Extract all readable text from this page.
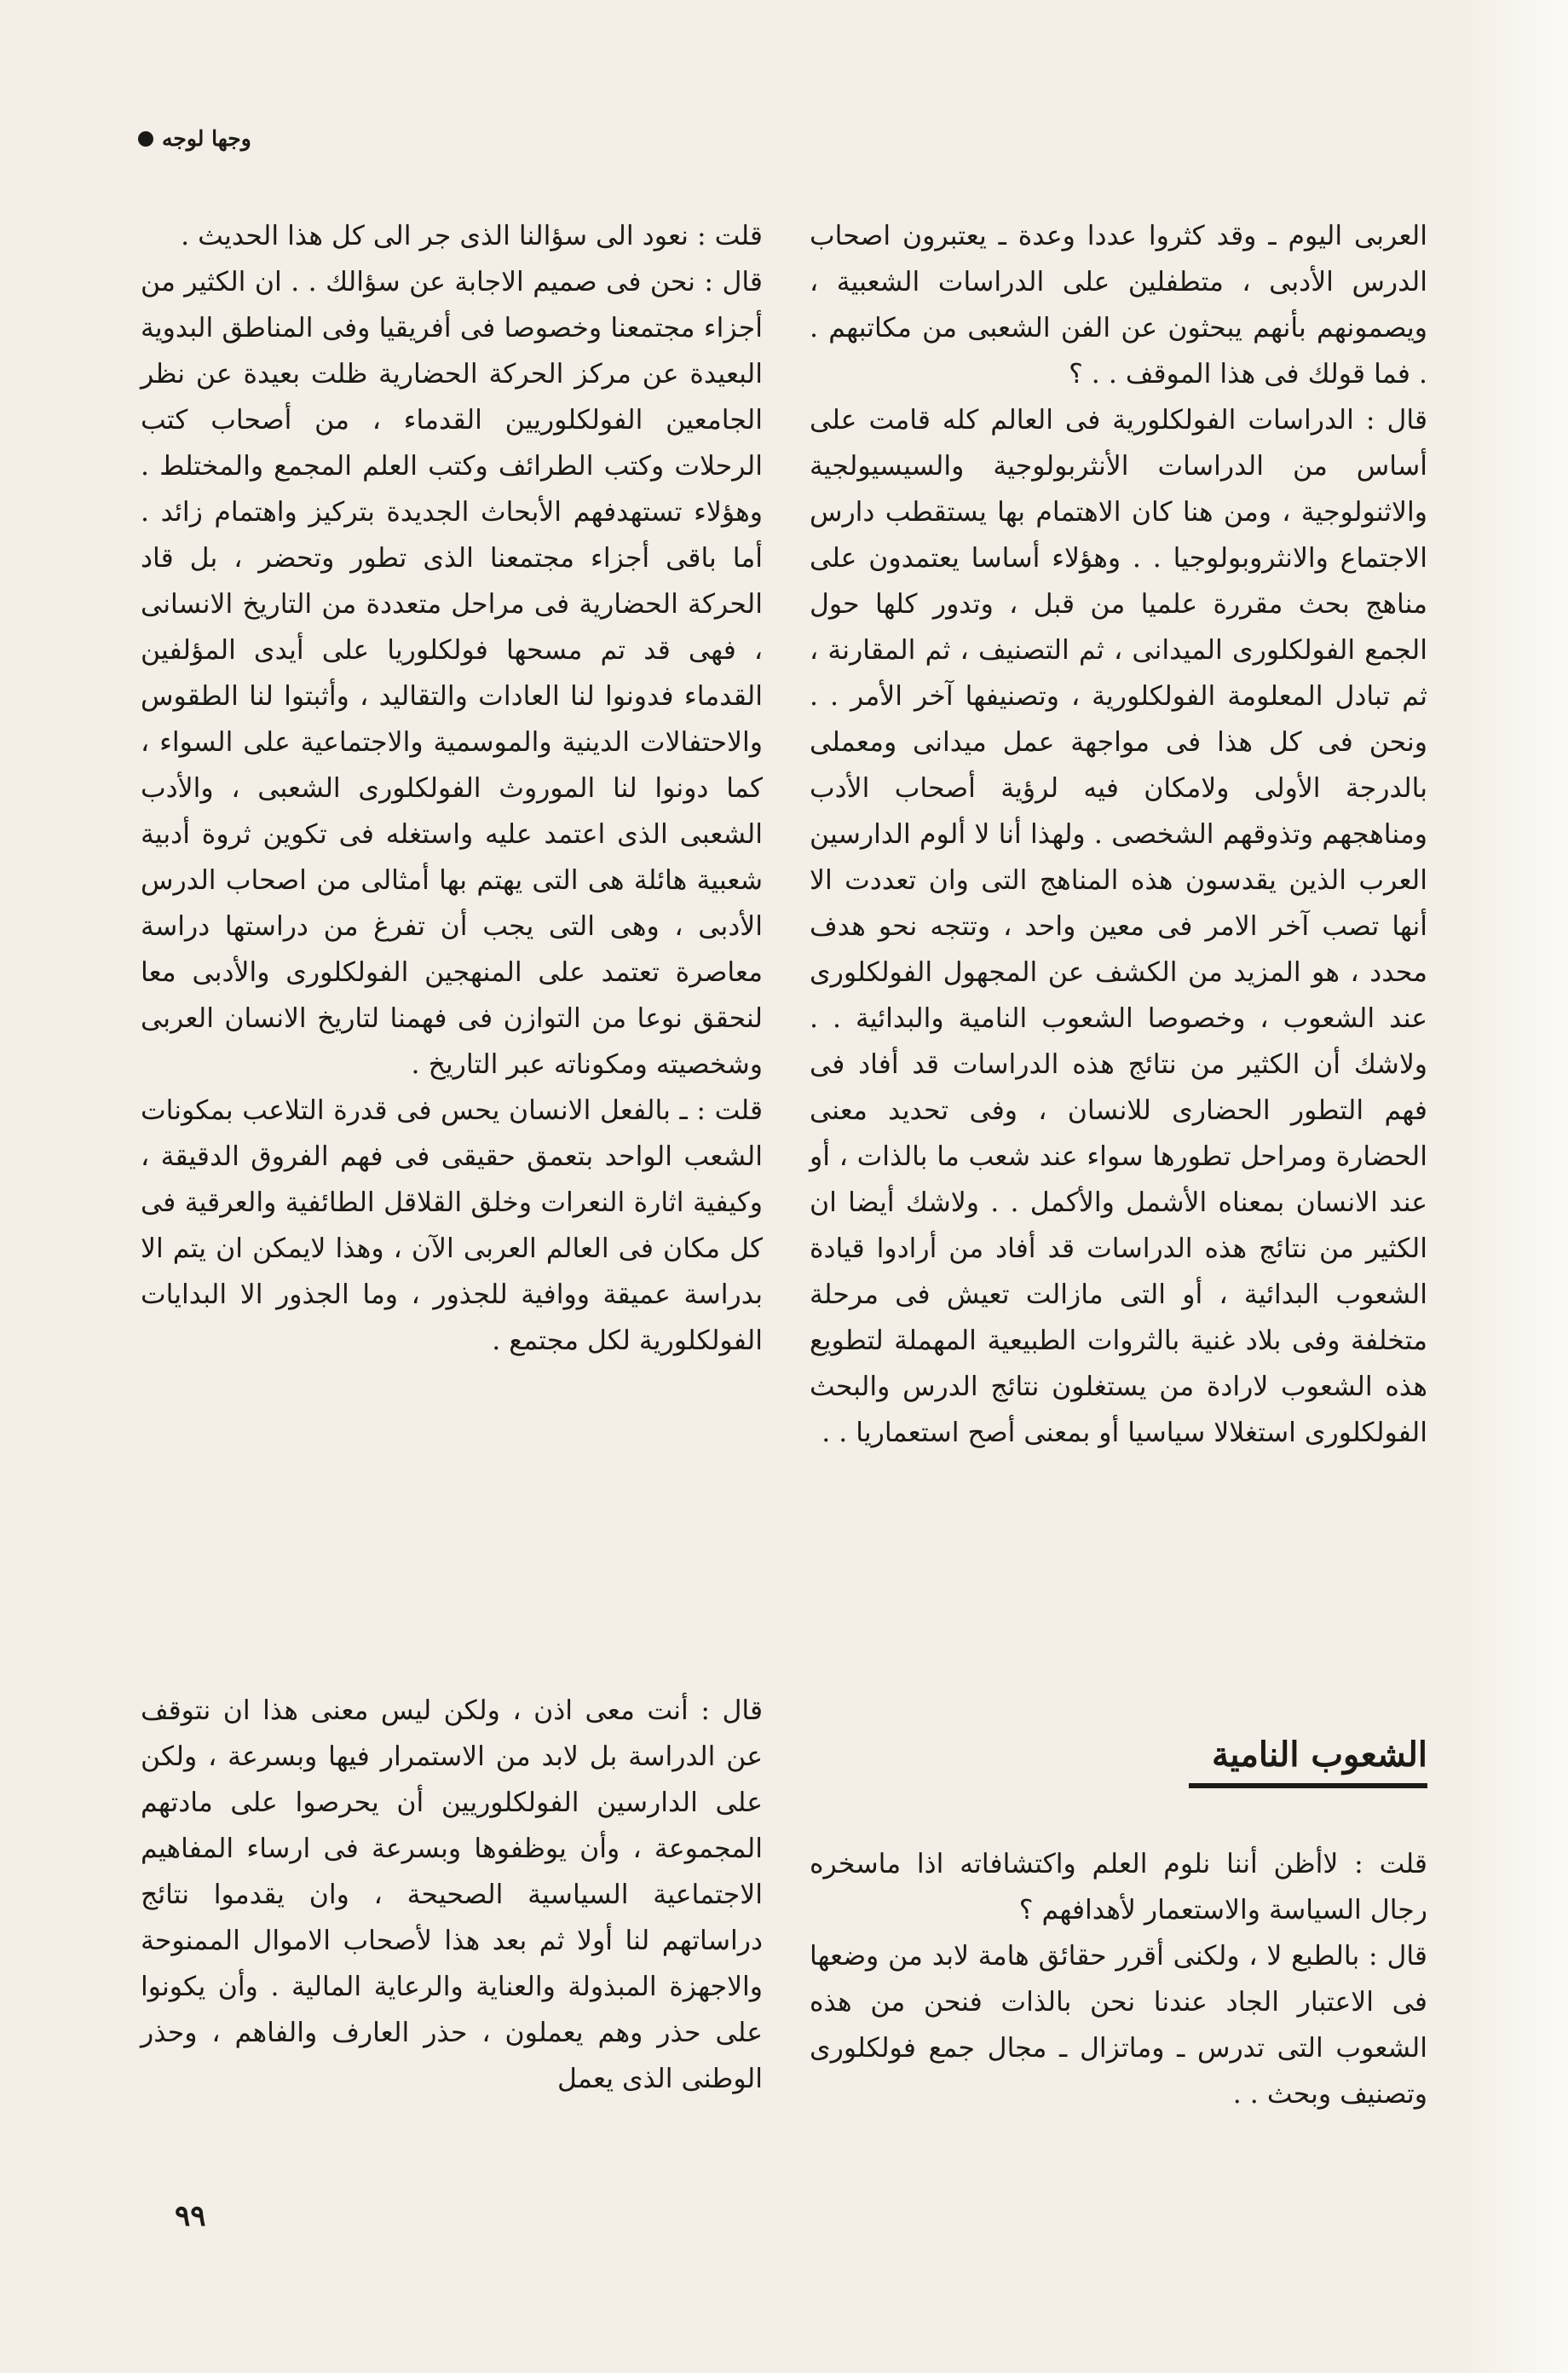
وجها لوجه

العربى اليوم ـ وقد كثروا عددا وعدة ـ يعتبرون اصحاب الدرس الأدبى ، متطفلين على الدراسات الشعبية ، ويصمونهم بأنهم يبحثون عن الفن الشعبى من مكاتبهم . . فما قولك فى هذا الموقف . . ؟

قال : الدراسات الفولكلورية فى العالم كله قامت على أساس من الدراسات الأنثربولوجية والسيسيولجية والاثنولوجية ، ومن هنا كان الاهتمام بها يستقطب دارس الاجتماع والانثروبولوجيا . . وهؤلاء أساسا يعتمدون على مناهج بحث مقررة علميا من قبل ، وتدور كلها حول الجمع الفولكلورى الميدانى ، ثم التصنيف ، ثم المقارنة ، ثم تبادل المعلومة الفولكلورية ، وتصنيفها آخر الأمر . . ونحن فى كل هذا فى مواجهة عمل ميدانى ومعملى بالدرجة الأولى ولامكان فيه لرؤية أصحاب الأدب ومناهجهم وتذوقهم الشخصى . ولهذا أنا لا ألوم الدارسين العرب الذين يقدسون هذه المناهج التى وان تعددت الا أنها تصب آخر الامر فى معين واحد ، وتتجه نحو هدف محدد ، هو المزيد من الكشف عن المجهول الفولكلورى عند الشعوب ، وخصوصا الشعوب النامية والبدائية . . ولاشك أن الكثير من نتائج هذه الدراسات قد أفاد فى فهم التطور الحضارى للانسان ، وفى تحديد معنى الحضارة ومراحل تطورها سواء عند شعب ما بالذات ، أو عند الانسان بمعناه الأشمل والأكمل . . ولاشك أيضا ان الكثير من نتائج هذه الدراسات قد أفاد من أرادوا قيادة الشعوب البدائية ، أو التى مازالت تعيش فى مرحلة متخلفة وفى بلاد غنية بالثروات الطبيعية المهملة لتطويع هذه الشعوب لارادة من يستغلون نتائج الدرس والبحث الفولكلورى استغلالا سياسيا أو بمعنى أصح استعماريا . .

الشعوب النامية

قلت : لاأظن أننا نلوم العلم واكتشافاته اذا ماسخره رجال السياسة والاستعمار لأهدافهم ؟

قال : بالطبع لا ، ولكنى أقرر حقائق هامة لابد من وضعها فى الاعتبار الجاد عندنا نحن بالذات فنحن من هذه الشعوب التى تدرس ـ وماتزال ـ مجال جمع فولكلورى وتصنيف وبحث . .

قلت : نعود الى سؤالنا الذى جر الى كل هذا الحديث .

قال : نحن فى صميم الاجابة عن سؤالك . . ان الكثير من أجزاء مجتمعنا وخصوصا فى أفريقيا وفى المناطق البدوية البعيدة عن مركز الحركة الحضارية ظلت بعيدة عن نظر الجامعين الفولكلوريين القدماء ، من أصحاب كتب الرحلات وكتب الطرائف وكتب العلم المجمع والمختلط . وهؤلاء تستهدفهم الأبحاث الجديدة بتركيز واهتمام زائد . أما باقى أجزاء مجتمعنا الذى تطور وتحضر ، بل قاد الحركة الحضارية فى مراحل متعددة من التاريخ الانسانى ، فهى قد تم مسحها فولكلوريا على أيدى المؤلفين القدماء فدونوا لنا العادات والتقاليد ، وأثبتوا لنا الطقوس والاحتفالات الدينية والموسمية والاجتماعية على السواء ، كما دونوا لنا الموروث الفولكلورى الشعبى ، والأدب الشعبى الذى اعتمد عليه واستغله فى تكوين ثروة أدبية شعبية هائلة هى التى يهتم بها أمثالى من اصحاب الدرس الأدبى ، وهى التى يجب أن تفرغ من دراستها دراسة معاصرة تعتمد على المنهجين الفولكلورى والأدبى معا لنحقق نوعا من التوازن فى فهمنا لتاريخ الانسان العربى وشخصيته ومكوناته عبر التاريخ .

قلت : ـ بالفعل الانسان يحس فى قدرة التلاعب بمكونات الشعب الواحد بتعمق حقيقى فى فهم الفروق الدقيقة ، وكيفية اثارة النعرات وخلق القلاقل الطائفية والعرقية فى كل مكان فى العالم العربى الآن ، وهذا لايمكن ان يتم الا بدراسة عميقة ووافية للجذور ، وما الجذور الا البدايات الفولكلورية لكل مجتمع .

قال : أنت معى اذن ، ولكن ليس معنى هذا ان نتوقف عن الدراسة بل لابد من الاستمرار فيها وبسرعة ، ولكن على الدارسين الفولكلوريين أن يحرصوا على مادتهم المجموعة ، وأن يوظفوها وبسرعة فى ارساء المفاهيم الاجتماعية السياسية الصحيحة ، وان يقدموا نتائج دراساتهم لنا أولا ثم بعد هذا لأصحاب الاموال الممنوحة والاجهزة المبذولة والعناية والرعاية المالية . وأن يكونوا على حذر وهم يعملون ، حذر العارف والفاهم ، وحذر الوطنى الذى يعمل

٩٩
